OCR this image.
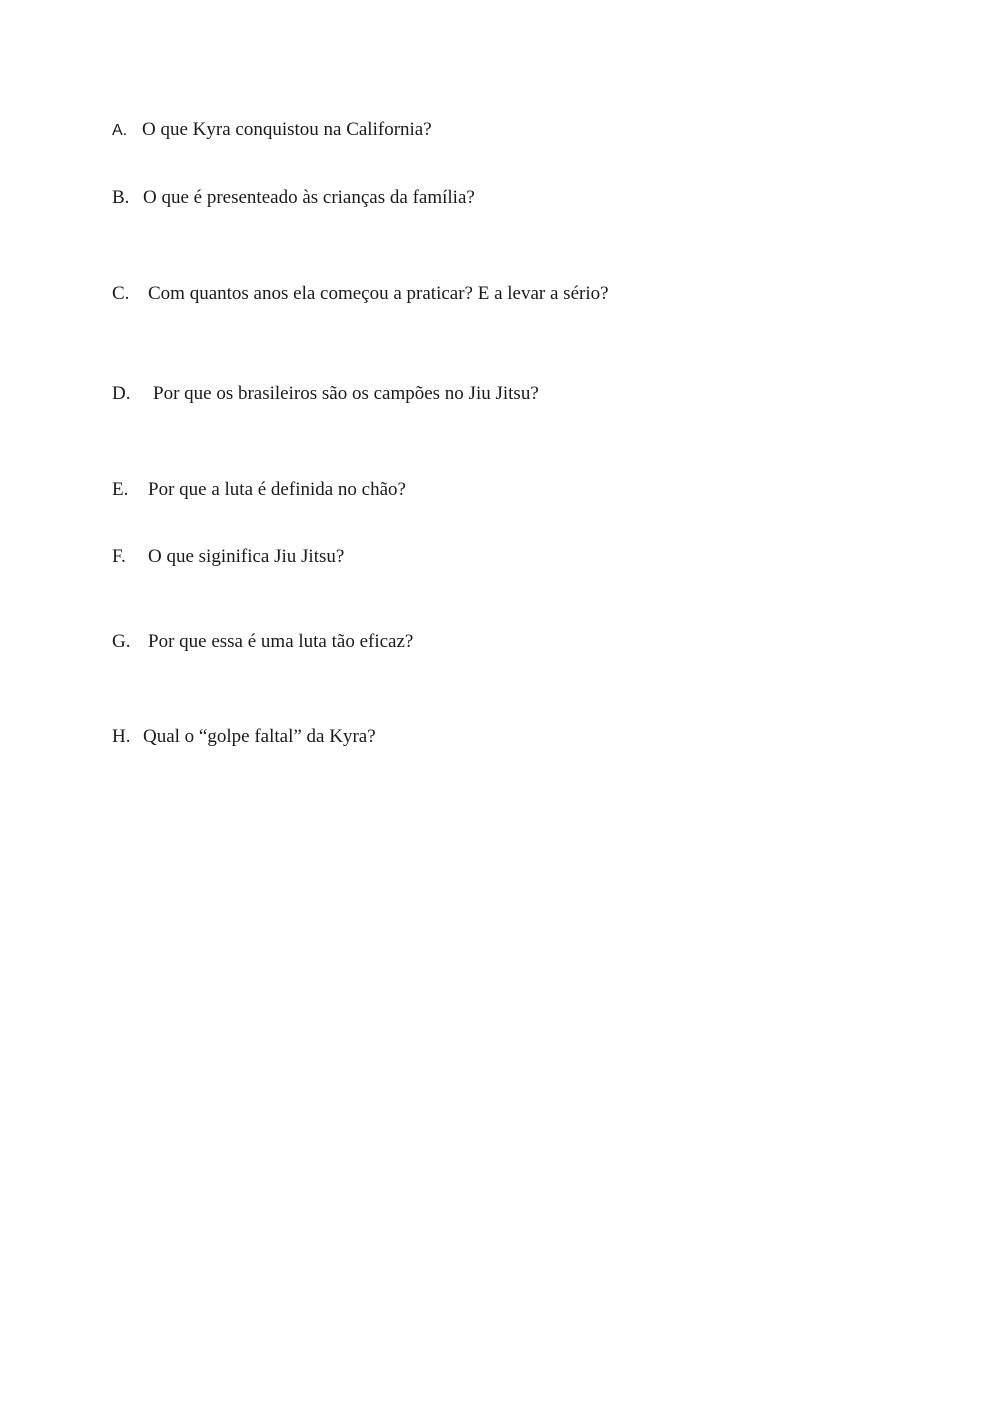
A. O que Kyra conquistou na California?
B. O que é presenteado às crianças da família?
C. Com quantos anos ela começou a praticar? E a levar a sério?
D. Por que os brasileiros são os campões no Jiu Jitsu?
E. Por que a luta é definida no chão?
F. O que siginifica Jiu Jitsu?
G. Por que essa é uma luta tão eficaz?
H. Qual o “golpe faltal” da Kyra?
